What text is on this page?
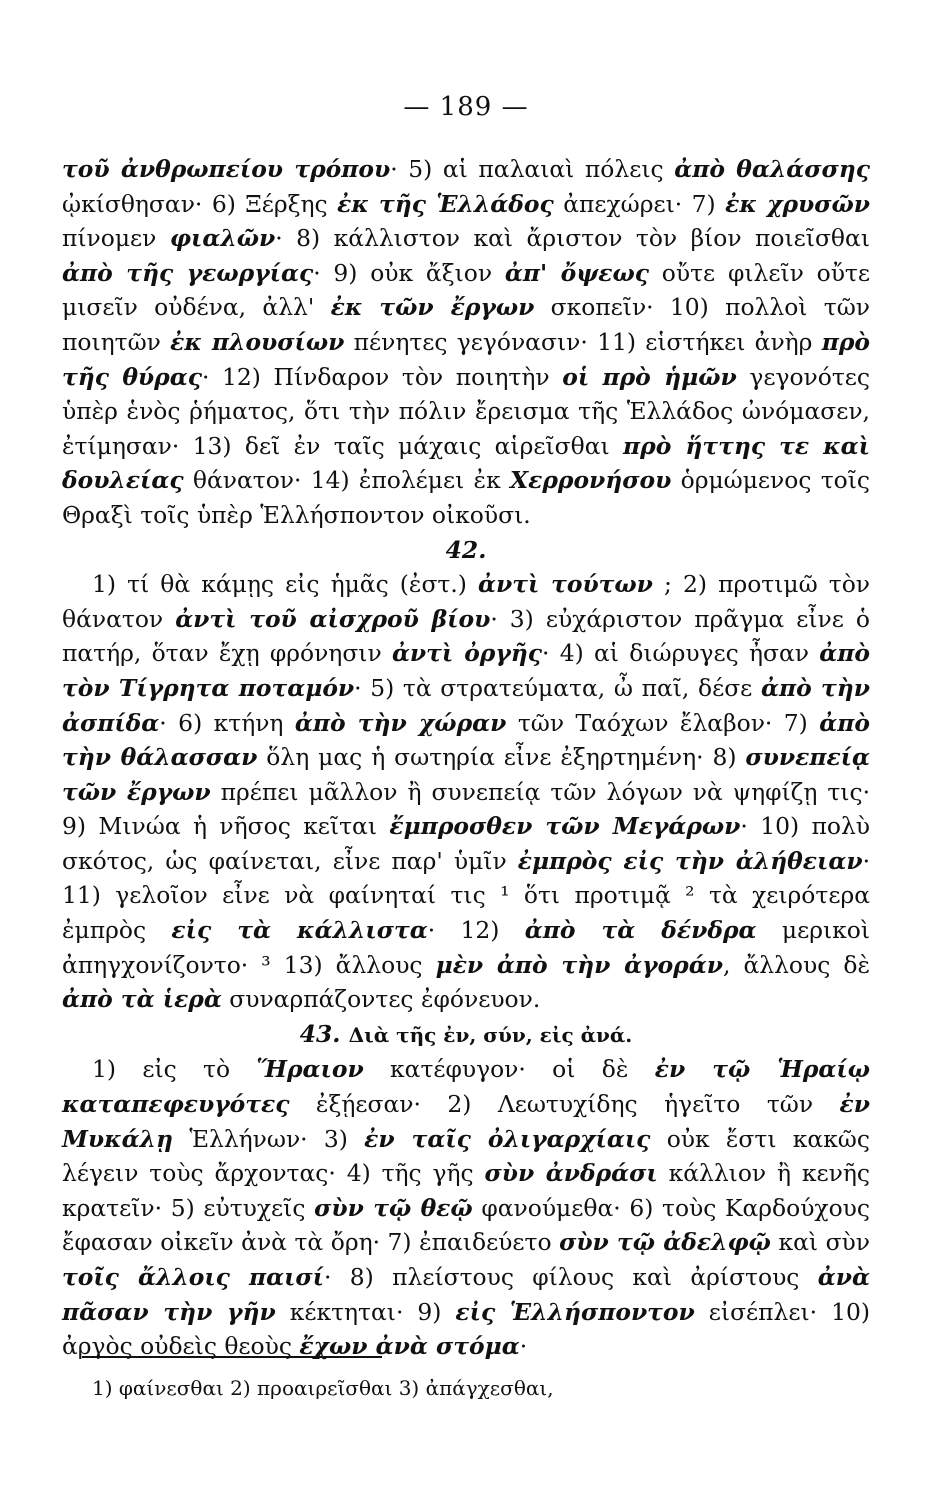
— 189 —

τοῦ ἀνθρωπείου τρόπου· 5) αἱ παλαιαὶ πόλεις ἀπὸ θαλάσσης ᾠκίσθησαν· 6) Ξέρξης ἐκ τῆς Ἑλλάδος ἀπεχώρει· 7) ἐκ χρυσῶν πίνομεν φιαλῶν· 8) κάλλιστον καὶ ἄριστον τὸν βίον ποιεῖσθαι ἀπὸ τῆς γεωργίας· 9) οὐκ ἄξιον ἀπ' ὄψεως οὔτε φιλεῖν οὔτε μισεῖν οὐδένα, ἀλλ' ἐκ τῶν ἔργων σκοπεῖν· 10) πολλοὶ τῶν ποιητῶν ἐκ πλουσίων πένητες γεγόνασιν· 11) εἱστήκει ἀνὴρ πρὸ τῆς θύρας· 12) Πίνδαρον τὸν ποιητὴν οἱ πρὸ ἡμῶν γεγονότες ὑπὲρ ἑνὸς ῥήματος, ὅτι τὴν πόλιν ἔρεισμα τῆς Ἑλλάδος ὠνόμασεν, ἐτίμησαν· 13) δεῖ ἐν ταῖς μάχαις αἱρεῖσθαι πρὸ ἥττης τε καὶ δουλείας θάνατον· 14) ἐπολέμει ἐκ Χερρονήσου ὁρμώμενος τοῖς Θραξὶ τοῖς ὑπὲρ Ἑλλήσποντον οἰκοῦσι.

42.

1) τί θὰ κάμῃς εἰς ἡμᾶς (ἐστ.) ἀντὶ τούτων ; 2) προτιμῶ τὸν θάνατον ἀντὶ τοῦ αἰσχροῦ βίου· 3) εὐχάριστον πρᾶγμα εἶνε ὁ πατήρ, ὅταν ἔχῃ φρόνησιν ἀντὶ ὀργῆς· 4) αἱ διώρυγες ἦσαν ἀπὸ τὸν Τίγρητα ποταμόν· 5) τὰ στρατεύματα, ὦ παῖ, δέσε ἀπὸ τὴν ἀσπίδα· 6) κτήνη ἀπὸ τὴν χώραν τῶν Ταόχων ἔλαβον· 7) ἀπὸ τὴν θάλασσαν ὅλη μας ἡ σωτηρία εἶνε ἐξηρτημένη· 8) συνεπείᾳ τῶν ἔργων πρέπει μᾶλλον ἢ συνεπείᾳ τῶν λόγων νὰ ψηφίζῃ τις· 9) Μινώα ἡ νῆσος κεῖται ἔμπροσθεν τῶν Μεγάρων· 10) πολὺ σκότος, ὡς φαίνεται, εἶνε παρ' ὑμῖν ἐμπρὸς εἰς τὴν ἀλήθειαν· 11) γελοῖον εἶνε νὰ φαίνηταί τις ¹ ὅτι προτιμᾷ ² τὰ χειρότερα ἐμπρὸς εἰς τὰ κάλλιστα· 12) ἀπὸ τὰ δένδρα μερικοὶ ἀπηγχονίζοντο· ³ 13) ἄλλους μὲν ἀπὸ τὴν ἀγοράν, ἄλλους δὲ ἀπὸ τὰ ἱερὰ συναρπάζοντες ἐφόνευον.

43. Διὰ τῆς ἐν, σύν, εἰς ἀνά.

1) εἰς τὸ Ἥραιον κατέφυγον· οἱ δὲ ἐν τῷ Ἡραίῳ καταπεφευγότες ἐξῄεσαν· 2) Λεωτυχίδης ἡγεῖτο τῶν ἐν Μυκάλῃ Ἑλλήνων· 3) ἐν ταῖς ὀλιγαρχίαις οὐκ ἔστι κακῶς λέγειν τοὺς ἄρχοντας· 4) τῆς γῆς σὺν ἀνδράσι κάλλιον ἢ κενῆς κρατεῖν· 5) εὐτυχεῖς σὺν τῷ θεῷ φανούμεθα· 6) τοὺς Καρδούχους ἔφασαν οἰκεῖν ἀνὰ τὰ ὄρη· 7) ἐπαιδεύετο σὺν τῷ ἀδελφῷ καὶ σὺν τοῖς ἄλλοις παισί· 8) πλείστους φίλους καὶ ἀρίστους ἀνὰ πᾶσαν τὴν γῆν κέκτηται· 9) εἰς Ἑλλήσποντον εἰσέπλει· 10) ἀργὸς οὐδεὶς θεοὺς ἔχων ἀνὰ στόμα·

1) φαίνεσθαι 2) προαιρεῖσθαι 3) ἀπάγχεσθαι,
